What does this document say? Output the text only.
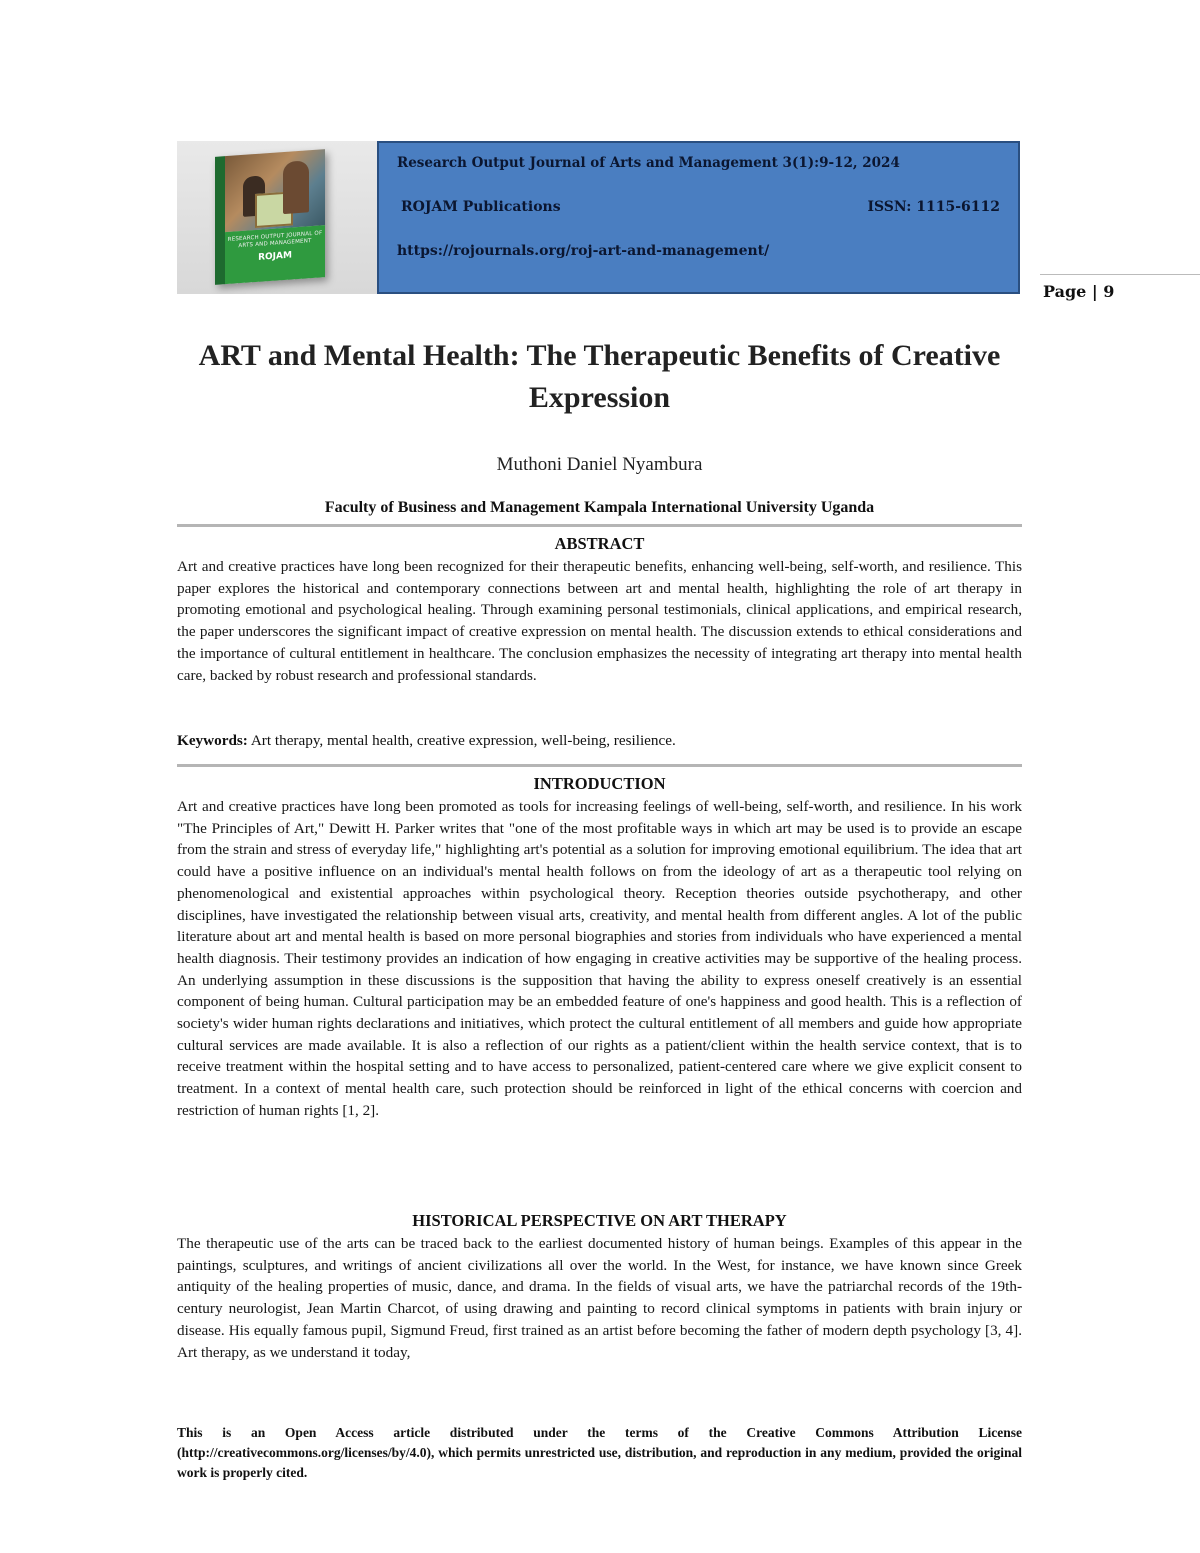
RESEARCH OUTPUT JOURNAL OF ARTS AND MANAGEMENT
ROJAM
Research Output Journal of Arts and Management 3(1):9-12, 2024
ROJAM Publications	ISSN: 1115-6112
https://rojournals.org/roj-art-and-management/
Page | 9
ART and Mental Health: The Therapeutic Benefits of Creative Expression
Muthoni Daniel Nyambura
Faculty of Business and Management Kampala International University Uganda
ABSTRACT

Art and creative practices have long been recognized for their therapeutic benefits, enhancing well-being, self-worth, and resilience. This paper explores the historical and contemporary connections between art and mental health, highlighting the role of art therapy in promoting emotional and psychological healing. Through examining personal testimonials, clinical applications, and empirical research, the paper underscores the significant impact of creative expression on mental health. The discussion extends to ethical considerations and the importance of cultural entitlement in healthcare. The conclusion emphasizes the necessity of integrating art therapy into mental health care, backed by robust research and professional standards.

Keywords: Art therapy, mental health, creative expression, well-being, resilience.
INTRODUCTION

Art and creative practices have long been promoted as tools for increasing feelings of well-being, self-worth, and resilience. In his work "The Principles of Art," Dewitt H. Parker writes that "one of the most profitable ways in which art may be used is to provide an escape from the strain and stress of everyday life," highlighting art's potential as a solution for improving emotional equilibrium. The idea that art could have a positive influence on an individual's mental health follows on from the ideology of art as a therapeutic tool relying on phenomenological and existential approaches within psychological theory. Reception theories outside psychotherapy, and other disciplines, have investigated the relationship between visual arts, creativity, and mental health from different angles. A lot of the public literature about art and mental health is based on more personal biographies and stories from individuals who have experienced a mental health diagnosis. Their testimony provides an indication of how engaging in creative activities may be supportive of the healing process. An underlying assumption in these discussions is the supposition that having the ability to express oneself creatively is an essential component of being human. Cultural participation may be an embedded feature of one's happiness and good health. This is a reflection of society's wider human rights declarations and initiatives, which protect the cultural entitlement of all members and guide how appropriate cultural services are made available. It is also a reflection of our rights as a patient/client within the health service context, that is to receive treatment within the hospital setting and to have access to personalized, patient-centered care where we give explicit consent to treatment. In a context of mental health care, such protection should be reinforced in light of the ethical concerns with coercion and restriction of human rights [1, 2].

HISTORICAL PERSPECTIVE ON ART THERAPY

The therapeutic use of the arts can be traced back to the earliest documented history of human beings. Examples of this appear in the paintings, sculptures, and writings of ancient civilizations all over the world. In the West, for instance, we have known since Greek antiquity of the healing properties of music, dance, and drama. In the fields of visual arts, we have the patriarchal records of the 19th-century neurologist, Jean Martin Charcot, of using drawing and painting to record clinical symptoms in patients with brain injury or disease. His equally famous pupil, Sigmund Freud, first trained as an artist before becoming the father of modern depth psychology [3, 4]. Art therapy, as we understand it today,

This is an Open Access article distributed under the terms of the Creative Commons Attribution License (http://creativecommons.org/licenses/by/4.0), which permits unrestricted use, distribution, and reproduction in any medium, provided the original work is properly cited.
